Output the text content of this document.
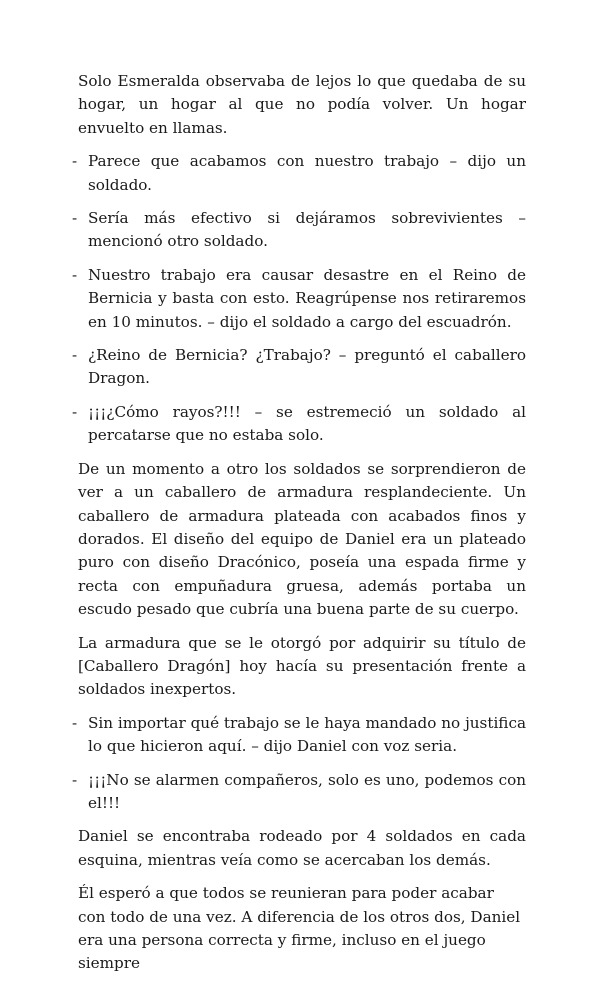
Solo Esmeralda observaba de lejos lo que quedaba de su hogar, un hogar al que no podía volver. Un hogar envuelto en llamas.

- Parece que acabamos con nuestro trabajo – dijo un soldado.

- Sería más efectivo si dejáramos sobrevivientes – mencionó otro soldado.

- Nuestro trabajo era causar desastre en el Reino de Bernicia y basta con esto. Reagrúpense nos retiraremos en 10 minutos. – dijo el soldado a cargo del escuadrón.

- ¿Reino de Bernicia? ¿Trabajo? – preguntó el caballero Dragon.

- ¡¡¡¿Cómo rayos?!!! – se estremeció un soldado al percatarse que no estaba solo.

De un momento a otro los soldados se sorprendieron de ver a un caballero de armadura resplandeciente. Un caballero de armadura plateada con acabados finos y dorados. El diseño del equipo de Daniel era un plateado puro con diseño Dracónico, poseía una espada firme y recta con empuñadura gruesa, además portaba un escudo pesado que cubría una buena parte de su cuerpo.

La armadura que se le otorgó por adquirir su título de [Caballero Dragón] hoy hacía su presentación frente a soldados inexpertos.

- Sin importar qué trabajo se le haya mandado no justifica lo que hicieron aquí. – dijo Daniel con voz seria.

- ¡¡¡No se alarmen compañeros, solo es uno, podemos con el!!!

Daniel se encontraba rodeado por 4 soldados en cada esquina, mientras veía como se acercaban los demás.

Él esperó a que todos se reunieran para poder acabar con todo de una vez. A diferencia de los otros dos, Daniel era una persona correcta y firme, incluso en el juego siempre
